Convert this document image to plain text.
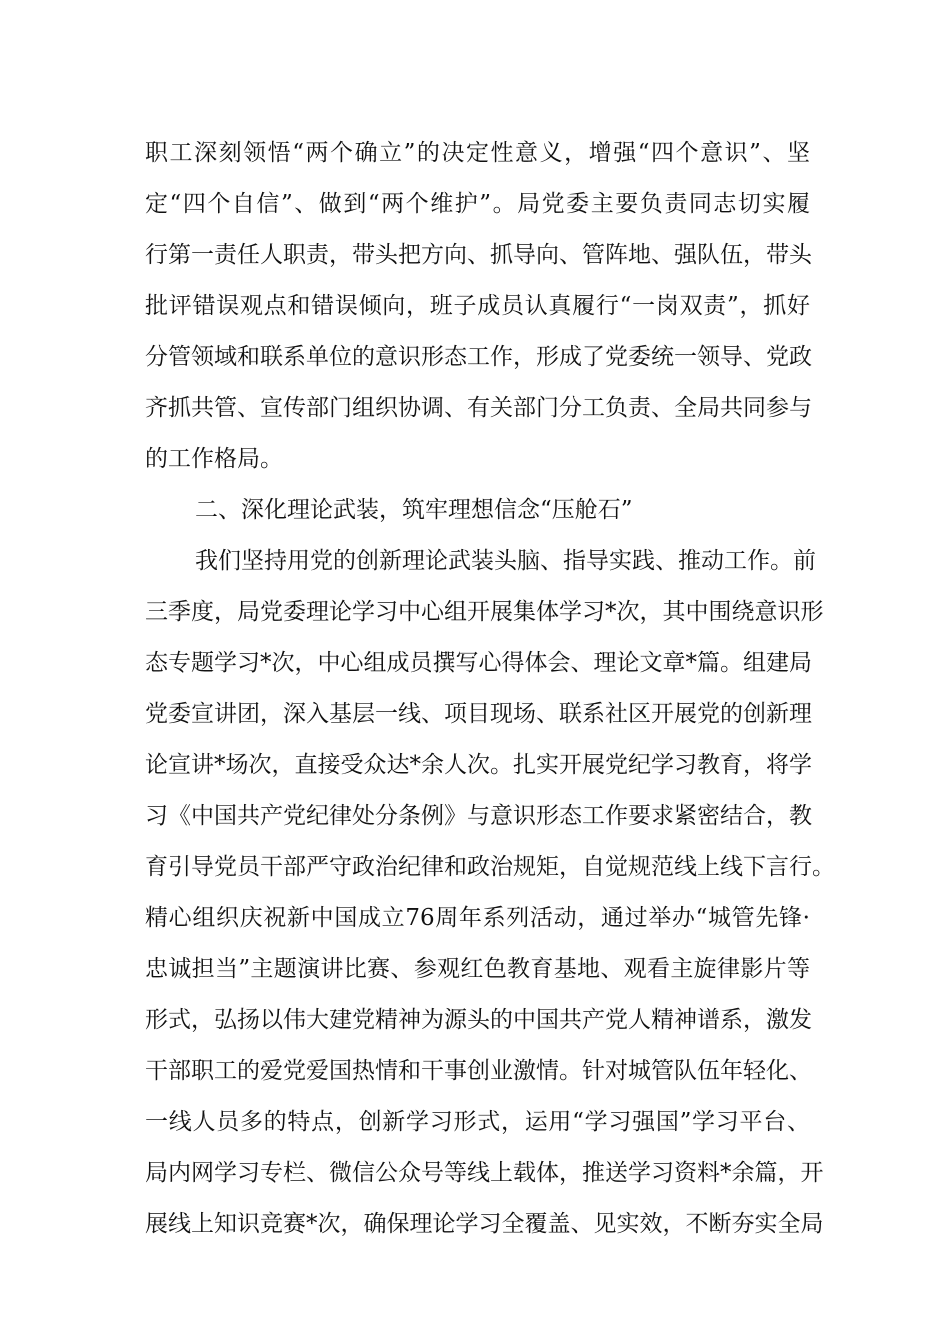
职工深刻领悟“两个确立”的决定性意义，增强“四个意识”、坚
定“四个自信”、做到“两个维护”。局党委主要负责同志切实履
行第一责任人职责，带头把方向、抓导向、管阵地、强队伍，带头
批评错误观点和错误倾向，班子成员认真履行“一岗双责”，抓好
分管领域和联系单位的意识形态工作，形成了党委统一领导、党政
齐抓共管、宣传部门组织协调、有关部门分工负责、全局共同参与
的工作格局。
二、深化理论武装，筑牢理想信念“压舱石”
我们坚持用党的创新理论武装头脑、指导实践、推动工作。前
三季度，局党委理论学习中心组开展集体学习*次，其中围绕意识形
态专题学习*次，中心组成员撰写心得体会、理论文章*篇。组建局
党委宣讲团，深入基层一线、项目现场、联系社区开展党的创新理
论宣讲*场次，直接受众达*余人次。扎实开展党纪学习教育，将学
习《中国共产党纪律处分条例》与意识形态工作要求紧密结合，教
育引导党员干部严守政治纪律和政治规矩，自觉规范线上线下言行。
精心组织庆祝新中国成立76周年系列活动，通过举办“城管先锋·
忠诚担当”主题演讲比赛、参观红色教育基地、观看主旋律影片等
形式，弘扬以伟大建党精神为源头的中国共产党人精神谱系，激发
干部职工的爱党爱国热情和干事创业激情。针对城管队伍年轻化、
一线人员多的特点，创新学习形式，运用“学习强国”学习平台、
局内网学习专栏、微信公众号等线上载体，推送学习资料*余篇，开
展线上知识竞赛*次，确保理论学习全覆盖、见实效，不断夯实全局
